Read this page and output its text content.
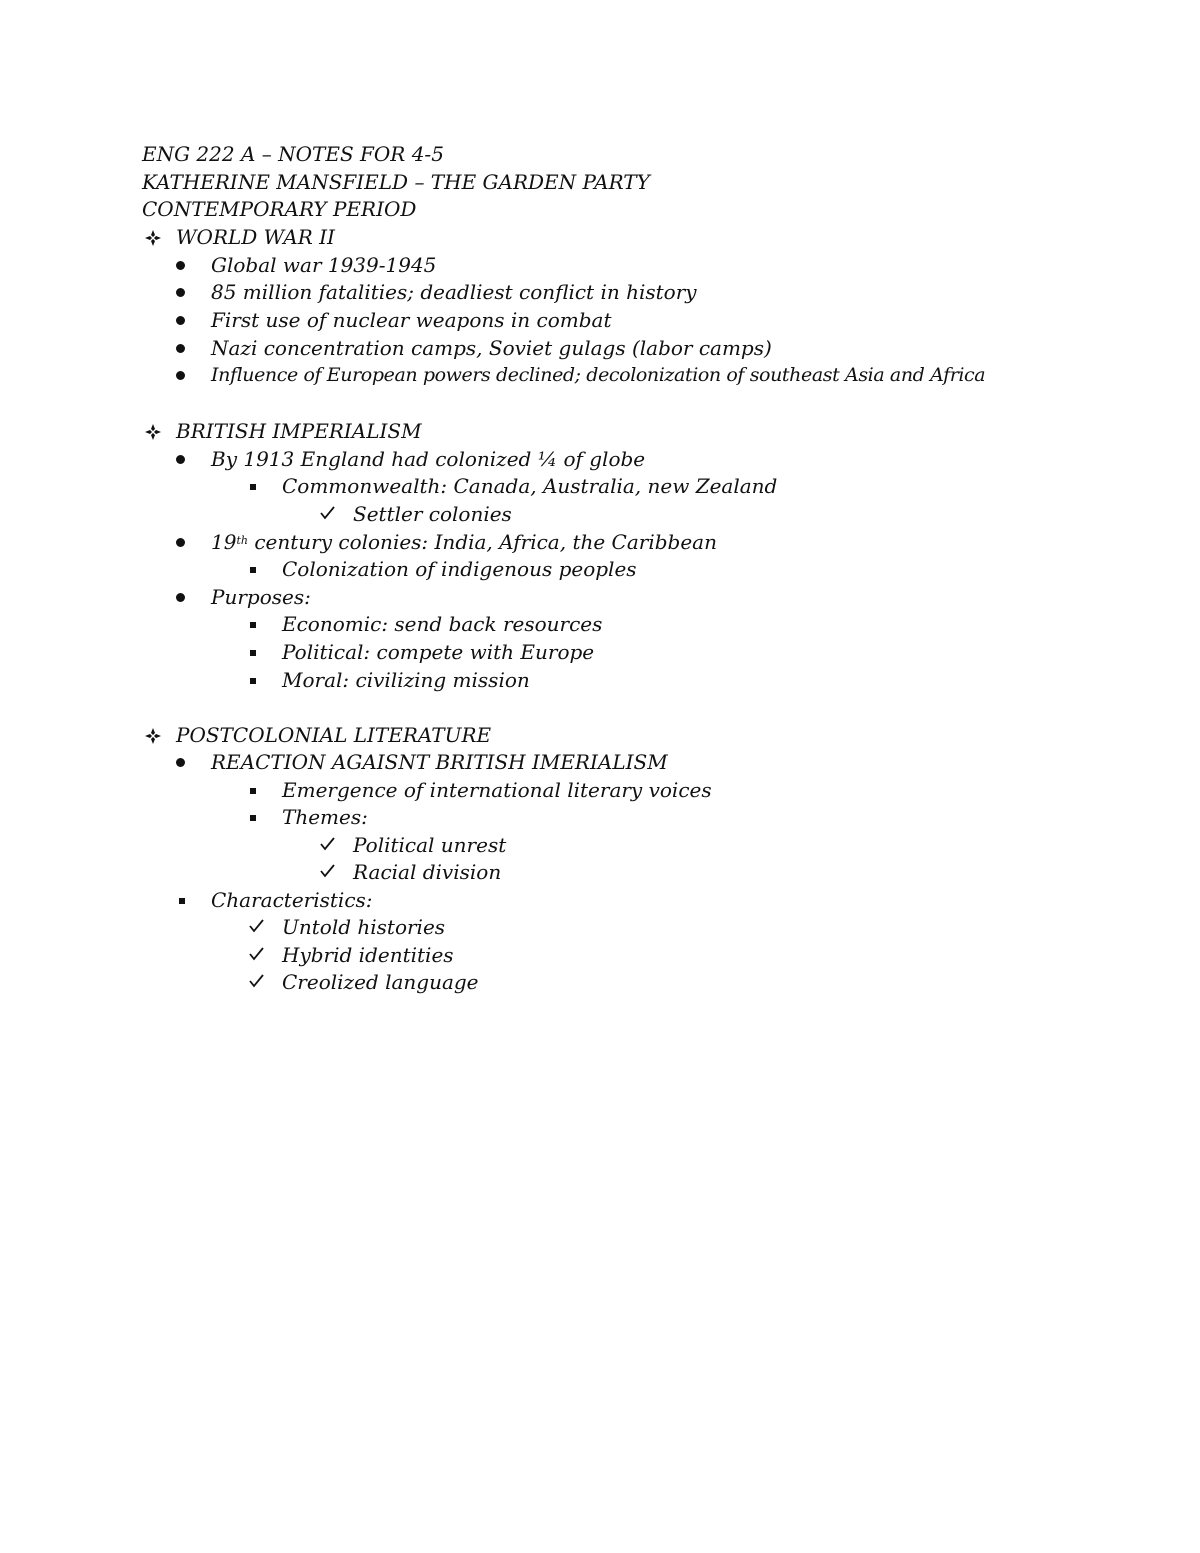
ENG 222 A – NOTES FOR 4-5
KATHERINE MANSFIELD – THE GARDEN PARTY
CONTEMPORARY PERIOD
WORLD WAR II
Global war 1939-1945
85 million fatalities; deadliest conflict in history
First use of nuclear weapons in combat
Nazi concentration camps, Soviet gulags (labor camps)
Influence of European powers declined; decolonization of southeast Asia and Africa
BRITISH IMPERIALISM
By 1913 England had colonized ¼ of globe
Commonwealth: Canada, Australia, new Zealand
Settler colonies
19th century colonies: India, Africa, the Caribbean
Colonization of indigenous peoples
Purposes:
Economic: send back resources
Political: compete with Europe
Moral: civilizing mission
POSTCOLONIAL LITERATURE
REACTION AGAISNT BRITISH IMERIALISM
Emergence of international literary voices
Themes:
Political unrest
Racial division
Characteristics:
Untold histories
Hybrid identities
Creolized language
